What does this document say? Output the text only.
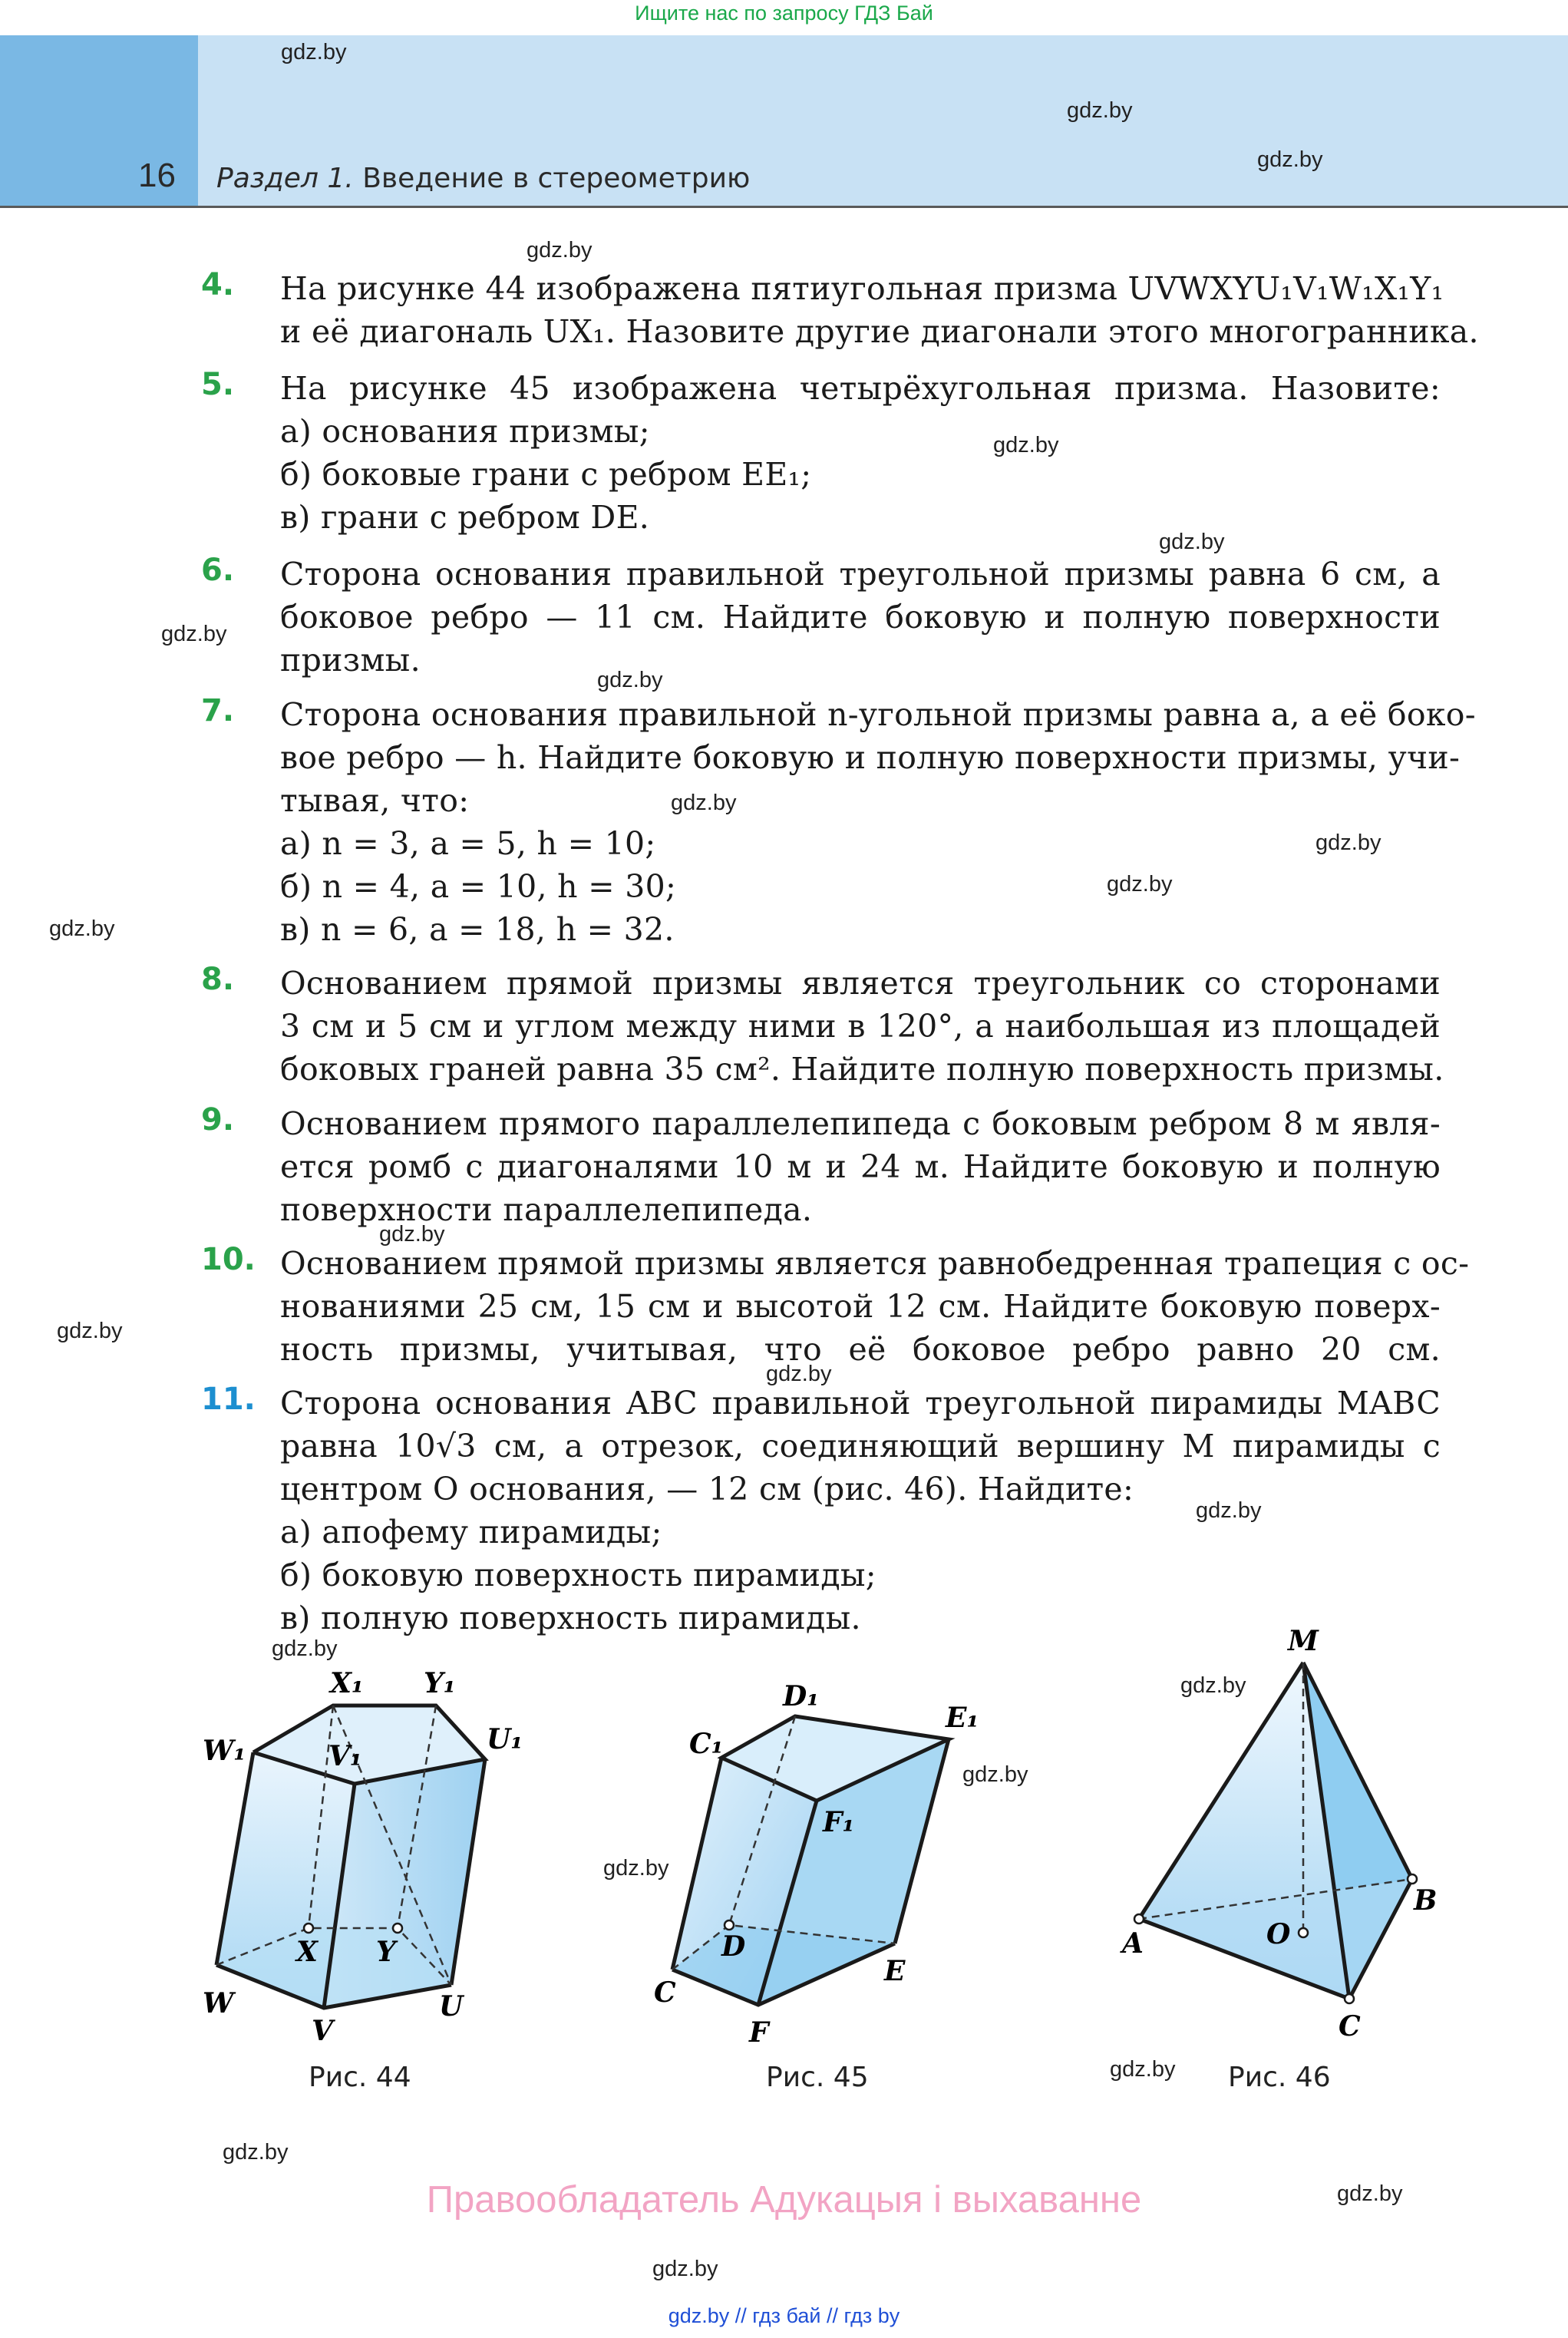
Ищите нас по запросу ГДЗ Бай
16 Раздел 1. Введение в стереометрию
gdz.by
gdz.by
gdz.by
gdz.by
gdz.by
gdz.by
gdz.by
gdz.by
gdz.by
gdz.by
gdz.by
gdz.by
gdz.by
gdz.by
gdz.by
gdz.by
gdz.by
gdz.by
gdz.by
gdz.by
gdz.by
gdz.by
gdz.by
gdz.by
4. На рисунке 44 изображена пятиугольная призма UVWXYU₁V₁W₁X₁Y₁
и её диагональ UX₁. Назовите другие диагонали этого многогранника.
5. На рисунке 45 изображена четырёхугольная призма. Назовите:
а) основания призмы;
б) боковые грани с ребром EE₁;
в) грани с ребром DE.
6. Сторона основания правильной треугольной призмы равна 6 см, а
боковое ребро — 11 см. Найдите боковую и полную поверхности
призмы.
7. Сторона основания правильной n-угольной призмы равна a, а её боко-
вое ребро — h. Найдите боковую и полную поверхности призмы, учи-
тывая, что:
а) n = 3, a = 5, h = 10;
б) n = 4, a = 10, h = 30;
в) n = 6, a = 18, h = 32.
8. Основанием прямой призмы является треугольник со сторонами
3 см и 5 см и углом между ними в 120°, а наибольшая из площадей
боковых граней равна 35 см². Найдите полную поверхность призмы.
9. Основанием прямого параллелепипеда с боковым ребром 8 м явля-
ется ромб с диагоналями 10 м и 24 м. Найдите боковую и полную
поверхности параллелепипеда.
10. Основанием прямой призмы является равнобедренная трапеция с ос-
нованиями 25 см, 15 см и высотой 12 см. Найдите боковую поверх-
ность призмы, учитывая, что её боковое ребро равно 20 см.
11. Сторона основания ABC правильной треугольной пирамиды MABC
равна 10√3 см, а отрезок, соединяющий вершину M пирамиды с
центром O основания, — 12 см (рис. 46). Найдите:
а) апофему пирамиды;
б) боковую поверхность пирамиды;
в) полную поверхность пирамиды.
X₁ Y₁
W₁	V₁
U₁
X Y
W
V
U
D₁
E₁
C₁
F₁
D
C
E
F
M
B
A	O
C
Рис. 44	Рис. 45	Рис. 46
Правообладатель Адукацыя і выхаванне
gdz.by // гдз бай // гдз by
